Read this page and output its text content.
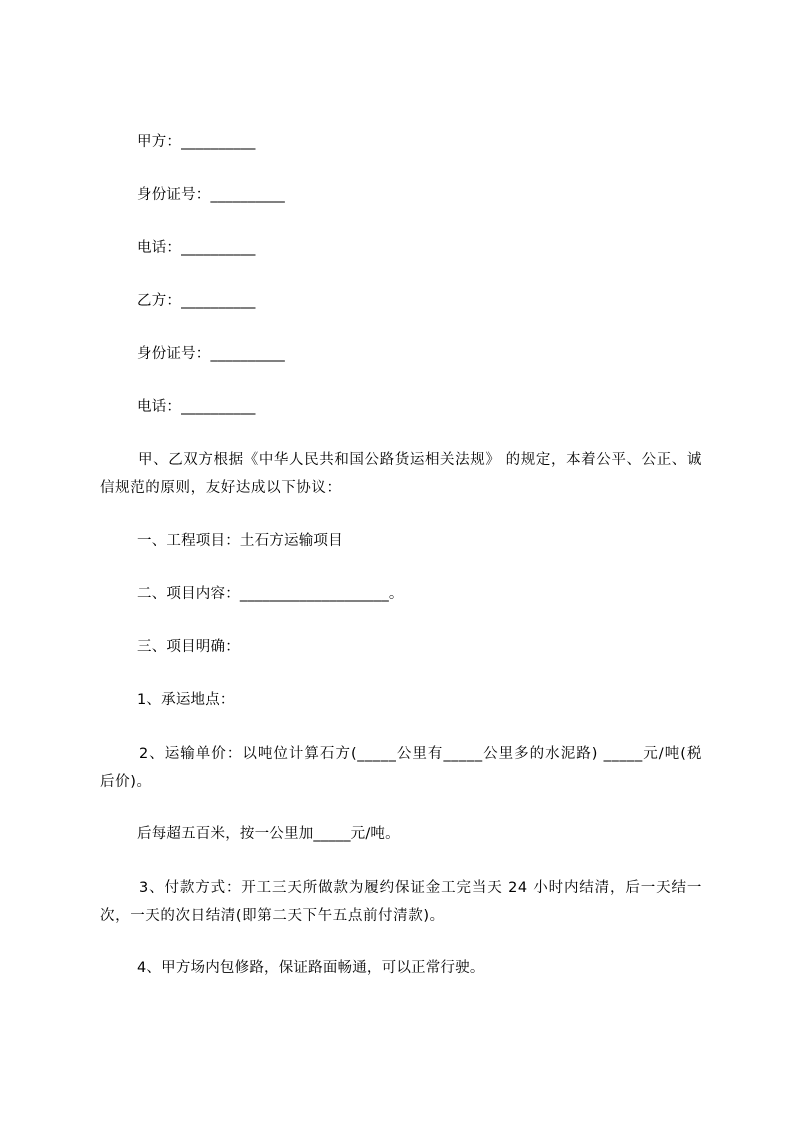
甲方：__________
身份证号：__________
电话：__________
乙方：__________
身份证号：__________
电话：__________
甲、乙双方根据《中华人民共和国公路货运相关法规》 的规定，本着公平、公正、诚信规范的原则，友好达成以下协议：
一、工程项目：土石方运输项目
二、项目内容：____________________。
三、项目明确：
1、承运地点：
2、运输单价：以吨位计算石方(_____公里有_____公里多的水泥路) _____元/吨(税后价)。
后每超五百米，按一公里加_____元/吨。
3、付款方式：开工三天所做款为履约保证金工完当天 24 小时内结清，后一天结一次，一天的次日结清(即第二天下午五点前付清款)。
4、甲方场内包修路，保证路面畅通，可以正常行驶。
